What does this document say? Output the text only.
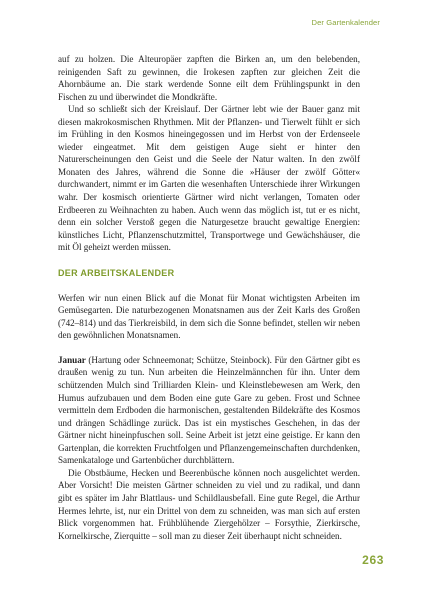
Der Gartenkalender

auf zu holzen. Die Alteuropäer zapften die Birken an, um den belebenden, reinigenden Saft zu gewinnen, die Irokesen zapften zur gleichen Zeit die Ahornbäume an. Die stark werdende Sonne eilt dem Frühlingspunkt in den Fischen zu und überwindet die Mondkräfte.

Und so schließt sich der Kreislauf. Der Gärtner lebt wie der Bauer ganz mit diesen makrokosmischen Rhythmen. Mit der Pflanzen- und Tierwelt fühlt er sich im Frühling in den Kosmos hineingegossen und im Herbst von der Erdenseele wieder eingeatmet. Mit dem geistigen Auge sieht er hinter den Naturerscheinungen den Geist und die Seele der Natur walten. In den zwölf Monaten des Jahres, während die Sonne die »Häuser der zwölf Götter« durchwandert, nimmt er im Garten die wesenhaften Unterschiede ihrer Wirkungen wahr. Der kosmisch orientierte Gärtner wird nicht verlangen, Tomaten oder Erdbeeren zu Weihnachten zu haben. Auch wenn das möglich ist, tut er es nicht, denn ein solcher Verstoß gegen die Naturgesetze braucht gewaltige Energien: künstliches Licht, Pflanzenschutzmittel, Transportwege und Gewächshäuser, die mit Öl geheizt werden müssen.

DER ARBEITSKALENDER

Werfen wir nun einen Blick auf die Monat für Monat wichtigsten Arbeiten im Gemüsegarten. Die naturbezogenen Monatsnamen aus der Zeit Karls des Großen (742–814) und das Tierkreisbild, in dem sich die Sonne befindet, stellen wir neben den gewöhnlichen Monatsnamen.

Januar (Hartung oder Schneemonat; Schütze, Steinbock). Für den Gärtner gibt es draußen wenig zu tun. Nun arbeiten die Heinzelmännchen für ihn. Unter dem schützenden Mulch sind Trilliarden Klein- und Kleinstlebewesen am Werk, den Humus aufzubauen und dem Boden eine gute Gare zu geben. Frost und Schnee vermitteln dem Erdboden die harmonischen, gestaltenden Bildekräfte des Kosmos und drängen Schädlinge zurück. Das ist ein mystisches Geschehen, in das der Gärtner nicht hineinpfuschen soll. Seine Arbeit ist jetzt eine geistige. Er kann den Gartenplan, die korrekten Fruchtfolgen und Pflanzengemeinschaften durchdenken, Samenkataloge und Gartenbücher durchblättern.

Die Obstbäume, Hecken und Beerenbüsche können noch ausgelichtet werden. Aber Vorsicht! Die meisten Gärtner schneiden zu viel und zu radikal, und dann gibt es später im Jahr Blattlaus- und Schildlausbefall. Eine gute Regel, die Arthur Hermes lehrte, ist, nur ein Drittel von dem zu schneiden, was man sich auf ersten Blick vorgenommen hat. Frühblühende Ziergehölzer – Forsythie, Zierkirsche, Kornelkirsche, Zierquitte – soll man zu dieser Zeit überhaupt nicht schneiden.

263
